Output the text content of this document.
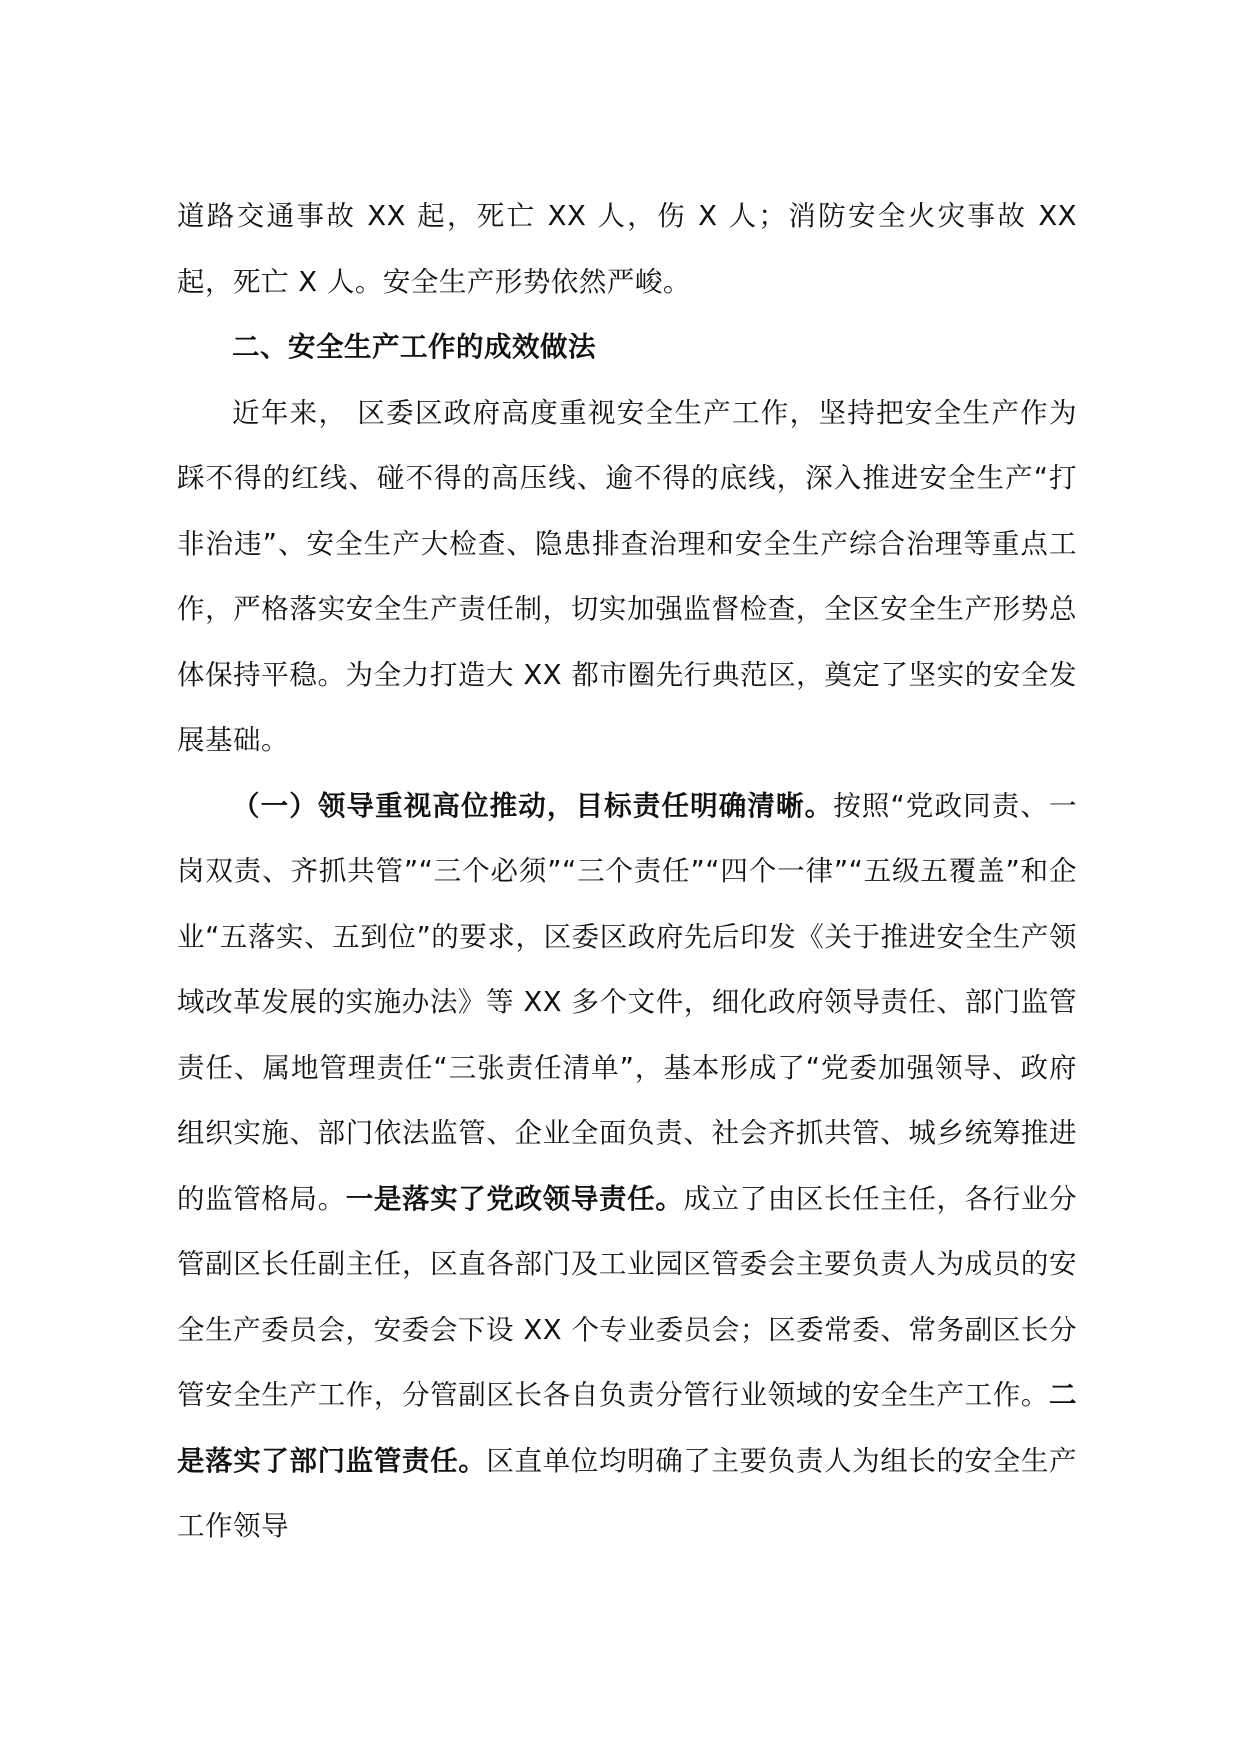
道路交通事故 XX 起，死亡 XX 人，伤 X 人；消防安全火灾事故 XX 起，死亡 X 人。安全生产形势依然严峻。

二、安全生产工作的成效做法

近年来， 区委区政府高度重视安全生产工作，坚持把安全生产作为踩不得的红线、碰不得的高压线、逾不得的底线，深入推进安全生产“打非治违”、安全生产大检查、隐患排查治理和安全生产综合治理等重点工作，严格落实安全生产责任制，切实加强监督检查，全区安全生产形势总体保持平稳。为全力打造大 XX 都市圈先行典范区，奠定了坚实的安全发展基础。

（一）领导重视高位推动，目标责任明确清晰。按照“党政同责、一岗双责、齐抓共管”“三个必须”“三个责任”“四个一律”“五级五覆盖”和企业“五落实、五到位”的要求，区委区政府先后印发《关于推进安全生产领域改革发展的实施办法》等 XX 多个文件，细化政府领导责任、部门监管责任、属地管理责任“三张责任清单”，基本形成了“党委加强领导、政府组织实施、部门依法监管、企业全面负责、社会齐抓共管、城乡统筹推进的监管格局。一是落实了党政领导责任。成立了由区长任主任，各行业分管副区长任副主任，区直各部门及工业园区管委会主要负责人为成员的安全生产委员会，安委会下设 XX 个专业委员会；区委常委、常务副区长分管安全生产工作，分管副区长各自负责分管行业领域的安全生产工作。二是落实了部门监管责任。区直单位均明确了主要负责人为组长的安全生产工作领导
